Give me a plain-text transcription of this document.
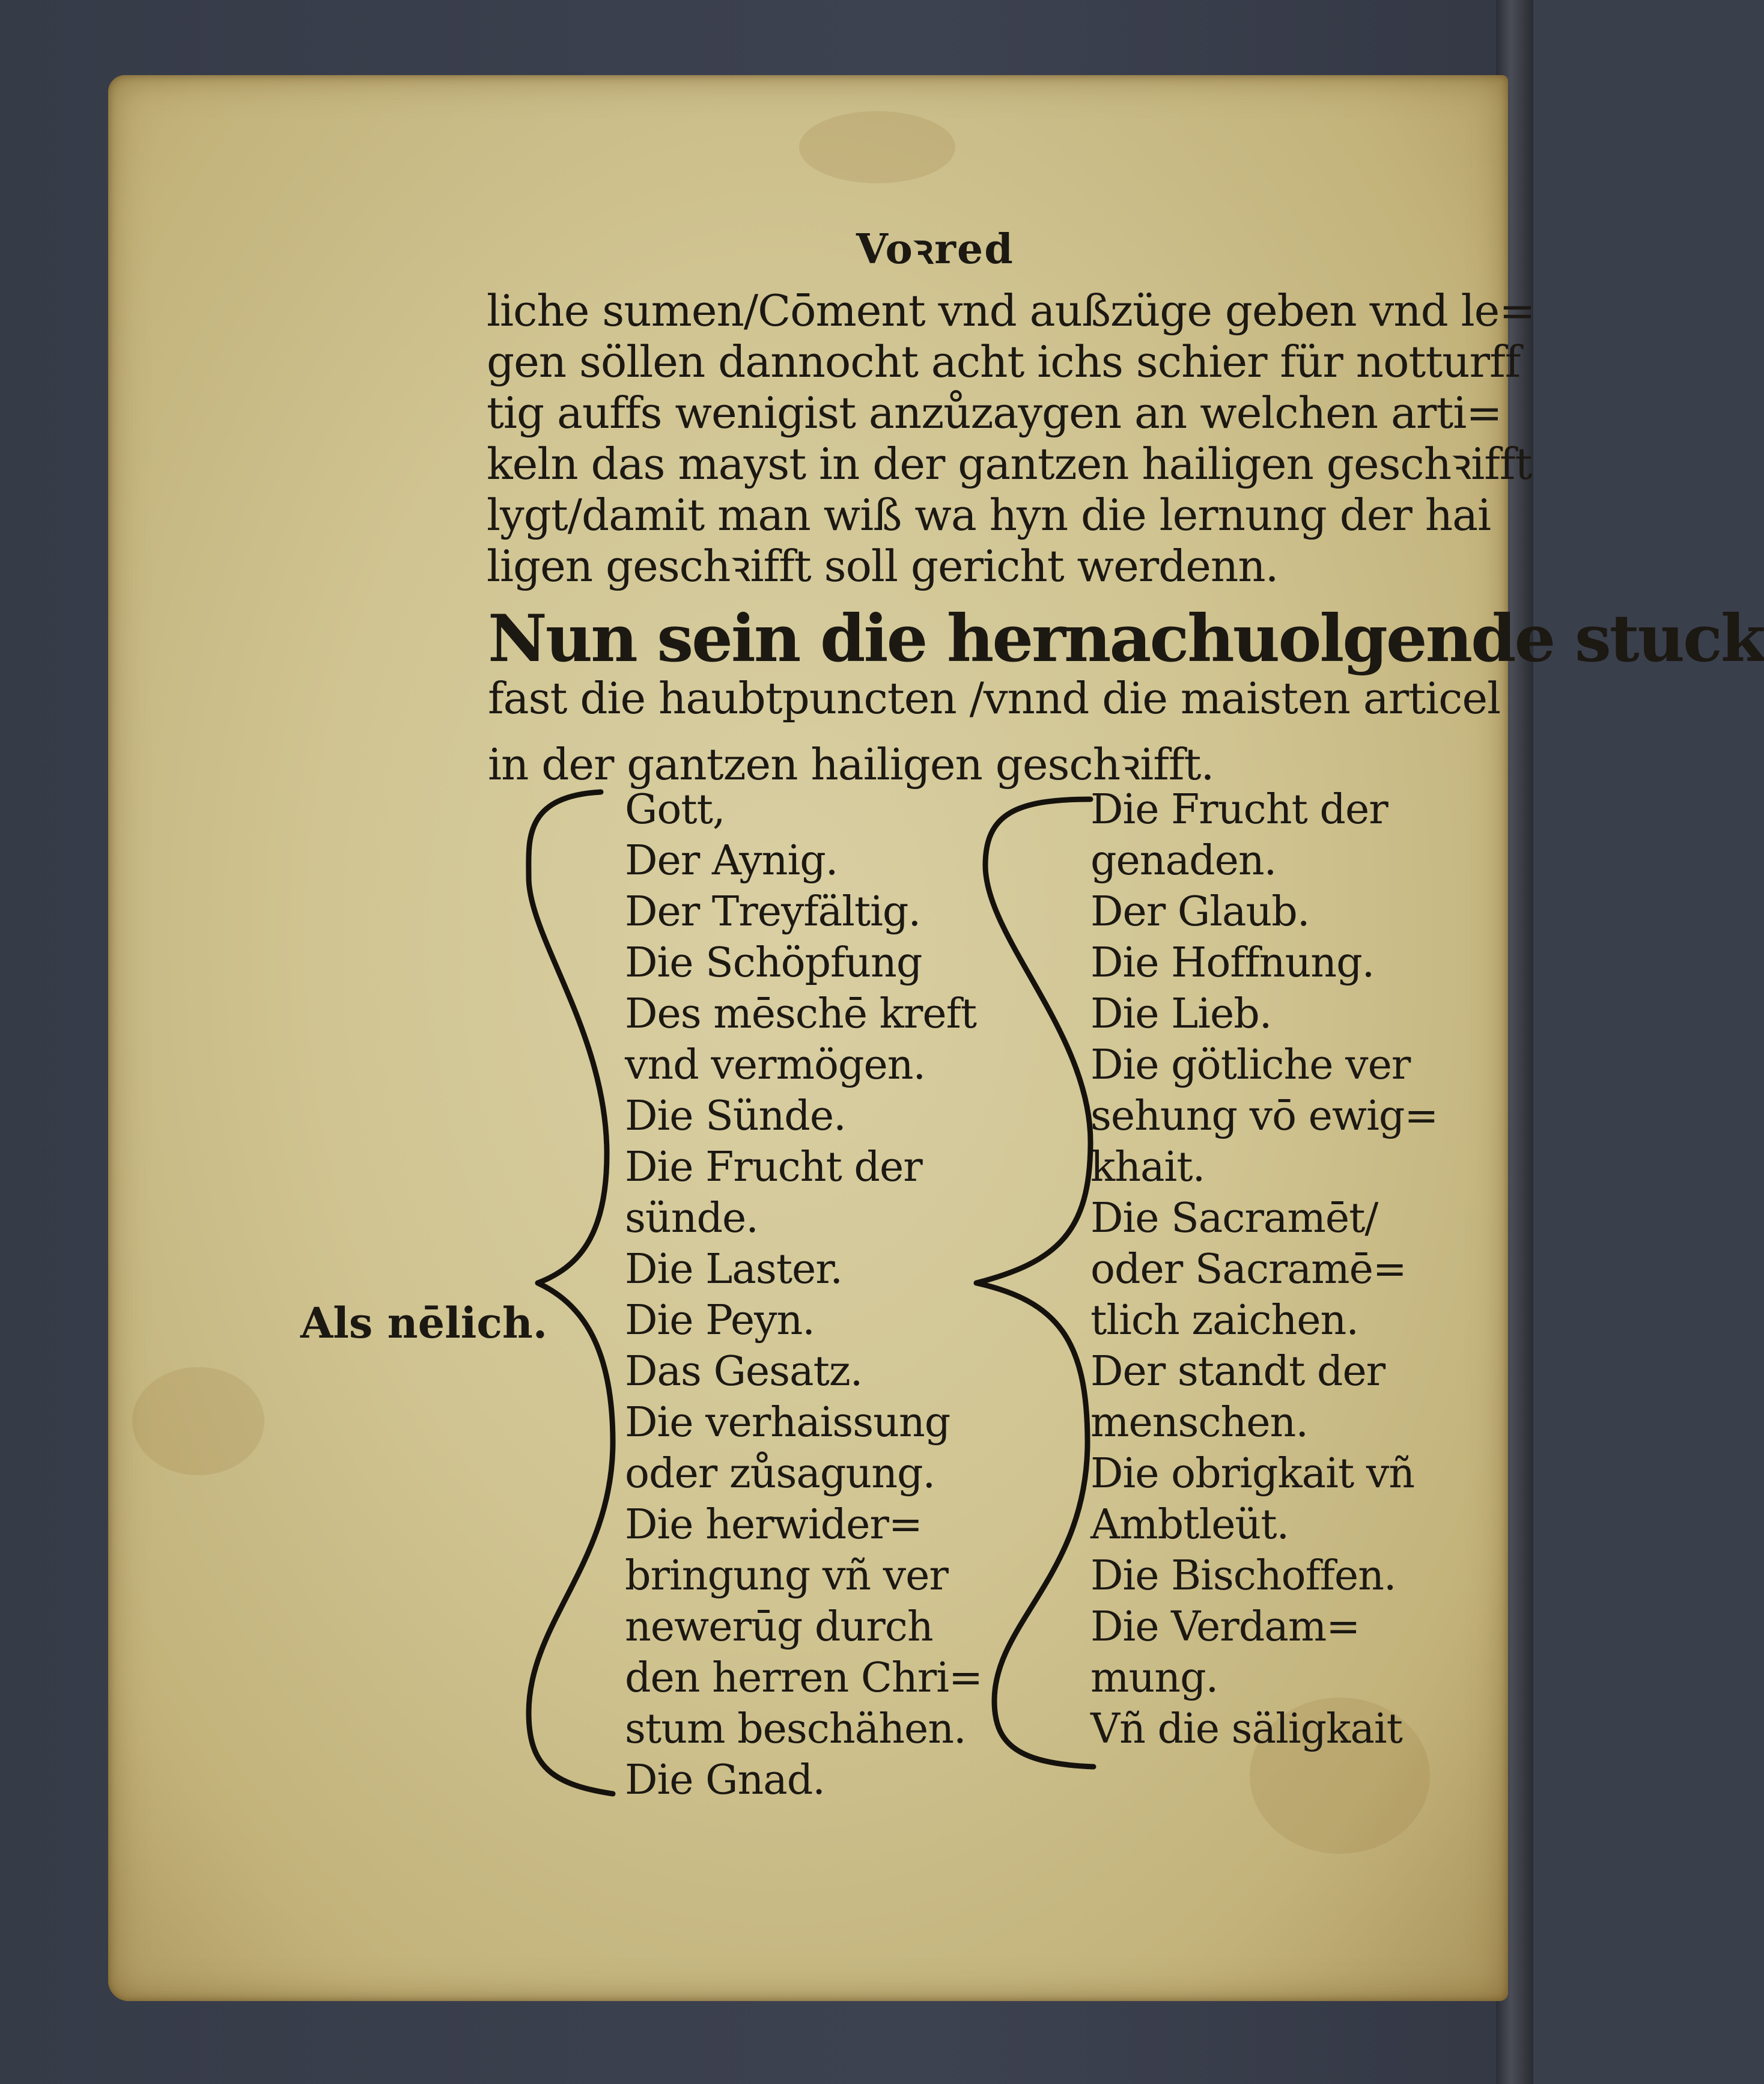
Voꝛred
liche sumen/Cōment vnd außzüge geben vnd le=
gen söllen dannocht acht ichs schier für notturff
tig auffs wenigist anzůzaygen an welchen arti=
keln das mayst in der gantzen hailigen geschꝛifft
lygt/damit man wiß wa hyn die lernung der hai
ligen geschꝛifft soll gericht werdenn.
Nun sein die hernachuolgende stuck
fast die haubtpuncten /vnnd die maisten articel
in der gantzen hailigen geschꝛifft.
Als nēlich.
Gott,
Der Aynig.
Der Treyfältig.
Die Schöpfung
Des mēschē kreft
vnd vermögen.
Die Sünde.
Die Frucht der
sünde.
Die Laster.
Die Peyn.
Das Gesatz.
Die verhaissung
oder zůsagung.
Die herwider=
bringung vñ ver
newerūg durch
den herren Chri=
stum beschähen.
Die Gnad.
Die Frucht der
genaden.
Der Glaub.
Die Hoffnung.
Die Lieb.
Die götliche ver
sehung vō ewig=
khait.
Die Sacramēt/
oder Sacramē=
tlich zaichen.
Der standt der
menschen.
Die obrigkait vñ
Ambtleüt.
Die Bischoffen.
Die Verdam=
mung.
Vñ die säligkait
